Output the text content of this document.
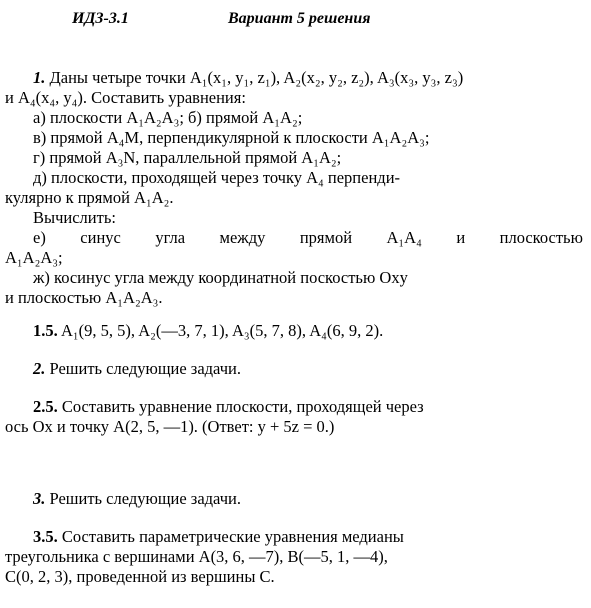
ИДЗ-3.1	Вариант 5 решения
1. Даны четыре точки A₁(x₁, y₁, z₁), A₂(x₂, y₂, z₂), A₃(x₃, y₃, z₃)
и A₄(x₄, y₄). Составить уравнения:
а) плоскости A₁A₂A₃; б) прямой A₁A₂;
в) прямой A₄M, перпендикулярной к плоскости A₁A₂A₃;
г) прямой A₃N, параллельной прямой A₁A₂;
д) плоскости, проходящей через точку A₄ перпенди-
кулярно к прямой A₁A₂.
Вычислить:
е) синус угла между прямой A₁A₄ и плоскостью
A₁A₂A₃;
ж) косинус угла между координатной поскостью Oxy
и плоскостью A₁A₂A₃.
1.5. A₁(9, 5, 5), A₂(—3, 7, 1), A₃(5, 7, 8), A₄(6, 9, 2).
2. Решить следующие задачи.
2.5. Составить уравнение плоскости, проходящей через
ось Ox и точку A(2, 5, —1). (Ответ: y + 5z = 0.)
3. Решить следующие задачи.
3.5. Составить параметрические уравнения медианы
треугольника с вершинами A(3, 6, —7), B(—5, 1, —4),
C(0, 2, 3), проведенной из вершины C.
